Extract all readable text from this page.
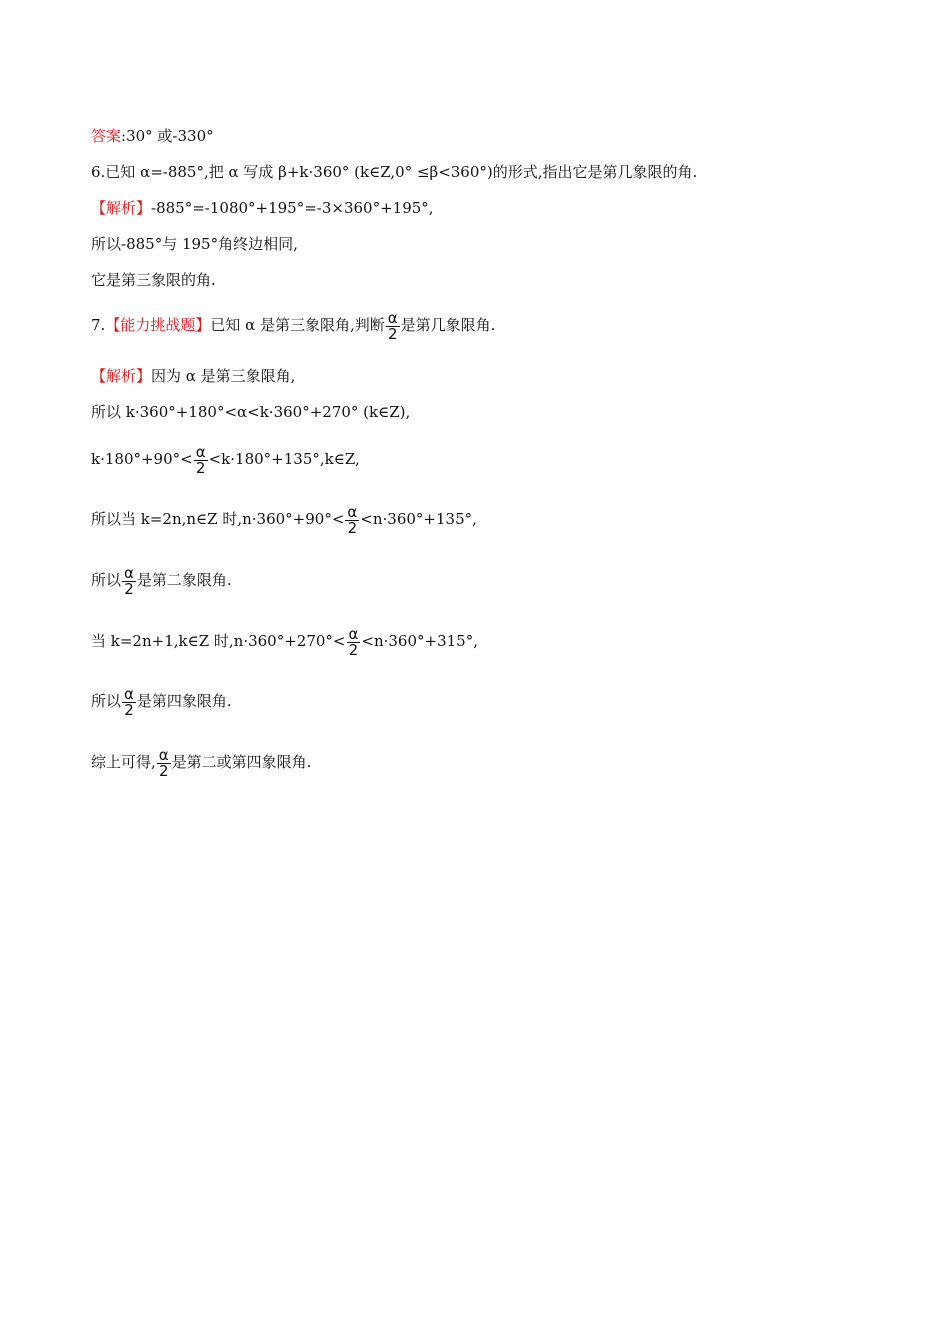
答案:30° 或-330°
6.已知 α=-885°,把 α 写成 β+k·360° (k∈Z,0° ≤β<360°)的形式,指出它是第几象限的角.
【解析】-885°=-1080°+195°=-3×360°+195°,
所以-885°与 195°角终边相同,
它是第三象限的角.
7.【能力挑战题】已知 α 是第三象限角,判断 $\frac{\alpha}{2}$ 是第几象限角.
【解析】因为 α 是第三象限角,
所以 k·360°+180°<α<k·360°+270° (k∈Z),
$k\cdot 180^\circ+90^\circ< \frac{\alpha}{2}$ <k·180°+135°,k∈Z,
所以当 k=2n,n∈Z 时$,n\cdot 360^\circ+90^\circ< \frac{\alpha}{2} <n\cdot 360^\circ+135^\circ$,
所以 $\frac{\alpha}{2}$ 是第二象限角.
当 k=2n+1,k∈Z 时$,n\cdot 360^\circ+270^\circ< \frac{\alpha}{2} <n\cdot 360^\circ+315^\circ$,
所以 $\frac{\alpha}{2}$ 是第四象限角.
综上可得, $\frac{\alpha}{2}$ 是第二或第四象限角.
